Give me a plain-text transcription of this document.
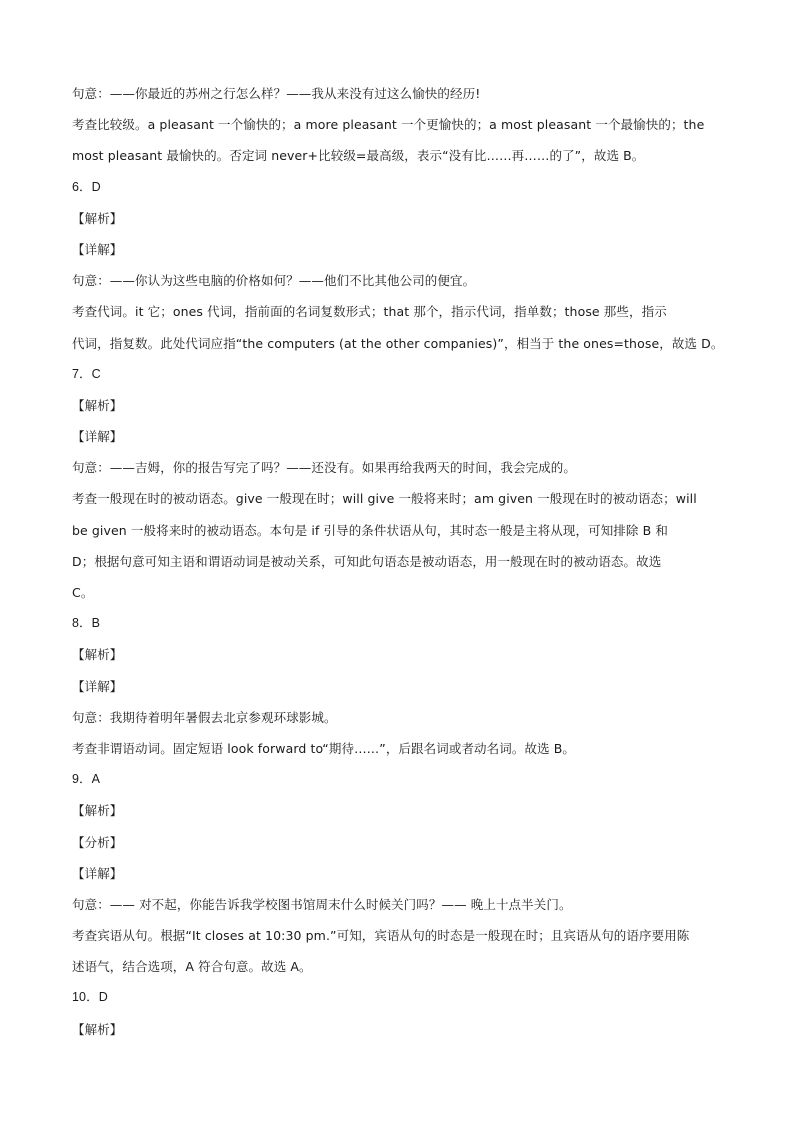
句意：——你最近的苏州之行怎么样？——我从来没有过这么愉快的经历!
考查比较级。a pleasant 一个愉快的；a more pleasant 一个更愉快的；a most pleasant 一个最愉快的；the
most pleasant 最愉快的。否定词 never+比较级=最高级，表示“没有比……再……的了”，故选 B。
6．D
【解析】
【详解】
句意：——你认为这些电脑的价格如何？——他们不比其他公司的便宜。
考查代词。it 它；ones 代词，指前面的名词复数形式；that 那个，指示代词，指单数；those 那些，指示
代词，指复数。此处代词应指“the computers (at the other companies)”，相当于 the ones=those，故选 D。
7．C
【解析】
【详解】
句意：——吉姆，你的报告写完了吗？——还没有。如果再给我两天的时间，我会完成的。
考查一般现在时的被动语态。give 一般现在时；will give 一般将来时；am given 一般现在时的被动语态；will
be given 一般将来时的被动语态。本句是 if 引导的条件状语从句，其时态一般是主将从现，可知排除 B 和
D；根据句意可知主语和谓语动词是被动关系，可知此句语态是被动语态，用一般现在时的被动语态。故选
C。
8．B
【解析】
【详解】
句意：我期待着明年暑假去北京参观环球影城。
考查非谓语动词。固定短语 look forward to“期待……”，后跟名词或者动名词。故选 B。
9．A
【解析】
【分析】
【详解】
句意：—— 对不起，你能告诉我学校图书馆周末什么时候关门吗？—— 晚上十点半关门。
考查宾语从句。根据“It closes at 10:30 pm.”可知，宾语从句的时态是一般现在时；且宾语从句的语序要用陈
述语气，结合选项，A 符合句意。故选 A。
10．D
【解析】
